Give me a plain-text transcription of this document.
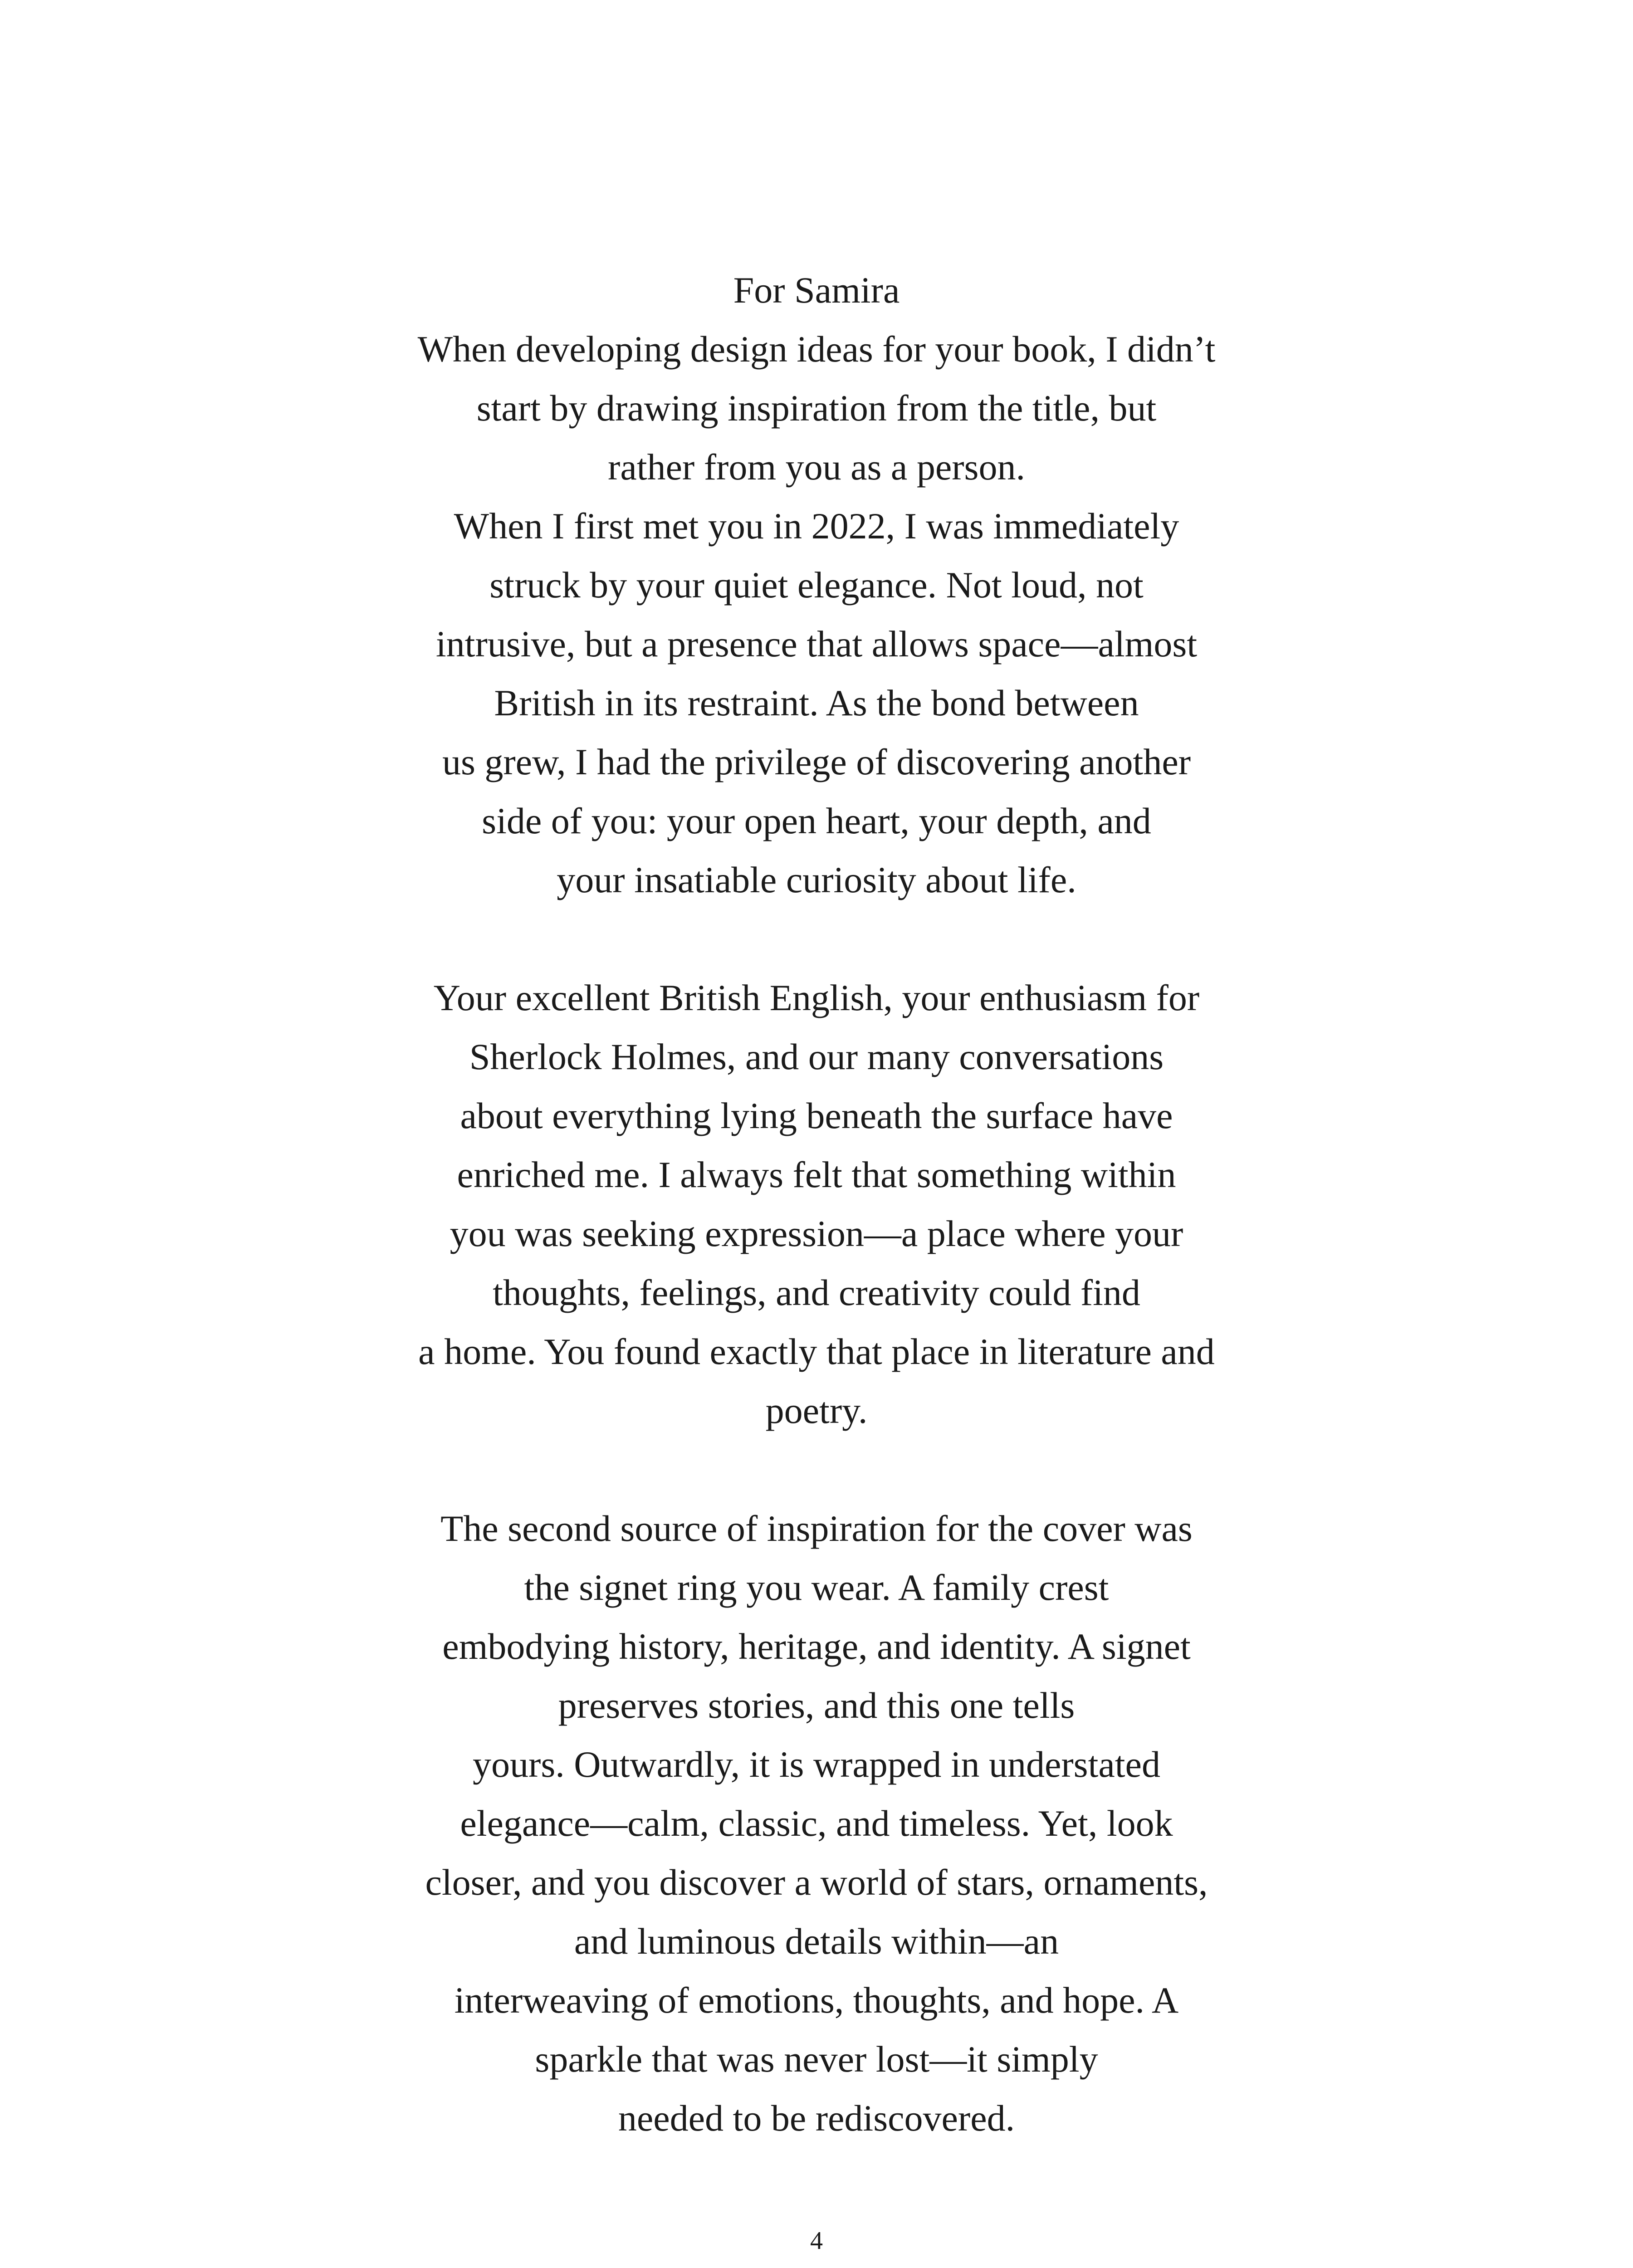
For Samira
When developing design ideas for your book, I didn’t
start by drawing inspiration from the title, but
rather from you as a person.
When I first met you in 2022, I was immediately
struck by your quiet elegance. Not loud, not
intrusive, but a presence that allows space—almost
British in its restraint. As the bond between
us grew, I had the privilege of discovering another
side of you: your open heart, your depth, and
your insatiable curiosity about life.
Your excellent British English, your enthusiasm for
Sherlock Holmes, and our many conversations
about everything lying beneath the surface have
enriched me. I always felt that something within
you was seeking expression—a place where your
thoughts, feelings, and creativity could find
a home. You found exactly that place in literature and
poetry.
The second source of inspiration for the cover was
the signet ring you wear. A family crest
embodying history, heritage, and identity. A signet
preserves stories, and this one tells
yours. Outwardly, it is wrapped in understated
elegance—calm, classic, and timeless. Yet, look
closer, and you discover a world of stars, ornaments,
and luminous details within—an
interweaving of emotions, thoughts, and hope. A
sparkle that was never lost—it simply
needed to be rediscovered.
4
